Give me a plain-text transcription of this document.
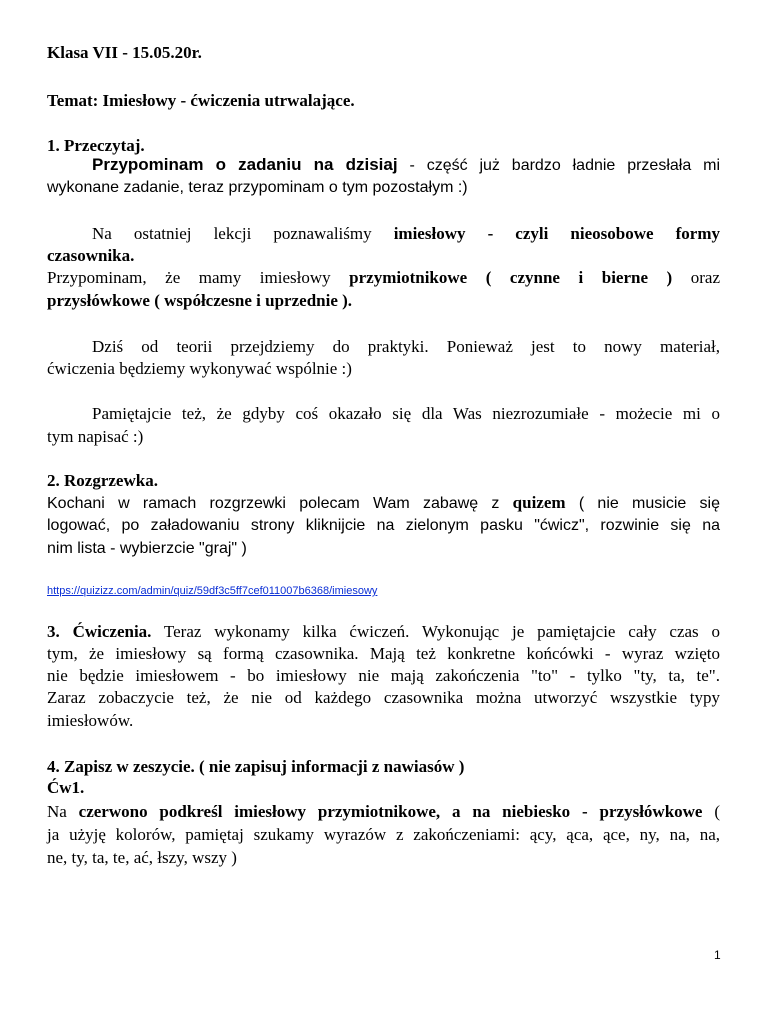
Klasa VII - 15.05.20r.
Temat: Imiesłowy - ćwiczenia utrwalające.
1. Przeczytaj.
Przypominam o zadaniu na dzisiaj - część już bardzo ładnie przesłała mi
wykonane zadanie, teraz przypominam o tym pozostałym :)
Na ostatniej lekcji poznawaliśmy imiesłowy - czyli nieosobowe formy
czasownika.
Przypominam, że mamy imiesłowy przymiotnikowe ( czynne i bierne ) oraz
przysłówkowe ( współczesne i uprzednie ).
Dziś od teorii przejdziemy do praktyki. Ponieważ jest to nowy materiał,
ćwiczenia będziemy wykonywać wspólnie :)
Pamiętajcie też, że gdyby coś okazało się dla Was niezrozumiałe - możecie mi o
tym napisać :)
2. Rozgrzewka.
Kochani w ramach rozgrzewki polecam Wam zabawę z quizem ( nie musicie się
logować, po załadowaniu strony kliknijcie na zielonym pasku "ćwicz", rozwinie się na
nim lista - wybierzcie "graj" )
https://quizizz.com/admin/quiz/59df3c5ff7cef011007b6368/imiesowy
3. Ćwiczenia. Teraz wykonamy kilka ćwiczeń. Wykonując je pamiętajcie cały czas o
tym, że imiesłowy są formą czasownika. Mają też konkretne końcówki - wyraz wzięto
nie będzie imiesłowem - bo imiesłowy nie mają zakończenia "to" - tylko "ty, ta, te".
Zaraz zobaczycie też, że nie od każdego czasownika można utworzyć wszystkie typy
imiesłowów.
4. Zapisz w zeszycie. ( nie zapisuj informacji z nawiasów )
Ćw1.
Na czerwono podkreśl imiesłowy przymiotnikowe, a na niebiesko - przysłówkowe (
ja użyję kolorów, pamiętaj szukamy wyrazów z zakończeniami: ący, ąca, ące, ny, na, na,
ne, ty, ta, te, ać, łszy, wszy )
1
